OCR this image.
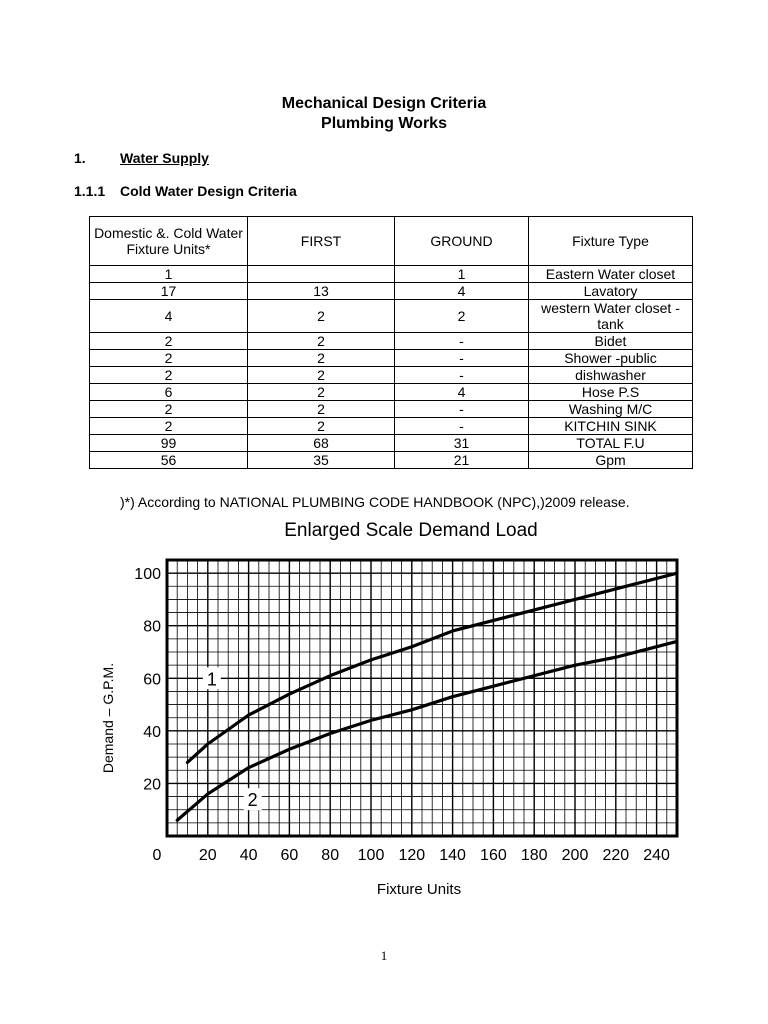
Mechanical Design Criteria
Plumbing Works
1. Water Supply
1.1.1 Cold Water Design Criteria
Domestic &. Cold Water Fixture Units*	FIRST	GROUND	Fixture Type
1		1	Eastern Water closet
17	13	4	Lavatory
4	2	2	western Water closet -tank
2	2	-	Bidet
2	2	-	Shower -public
2	2	-	dishwasher
6	2	4	Hose P.S
2	2	-	Washing M/C
2	2	-	KITCHIN SINK
99	68	31	TOTAL F.U
56	35	21	Gpm
)*) According to NATIONAL PLUMBING CODE HANDBOOK (NPC),)2009 release.
Enlarged Scale Demand Load
1
2
0 20 40 60 80 100 120 140 160 180 200 220 240
20
40
60
80
100
Fixture Units
Demand – G.P.M.
1
